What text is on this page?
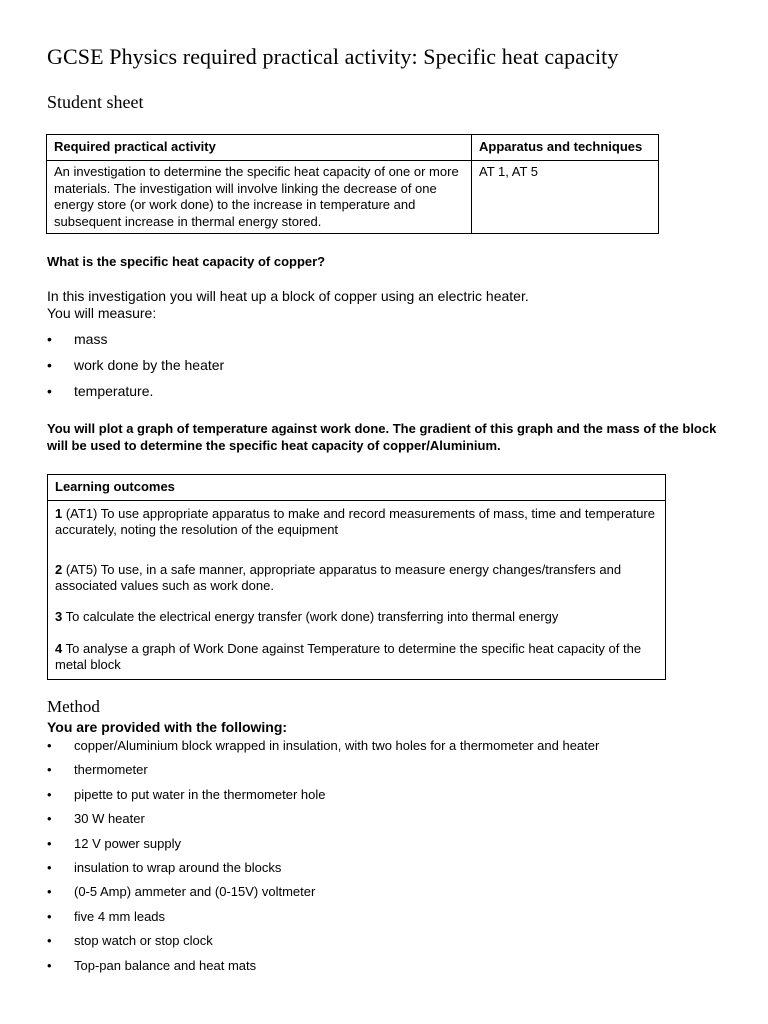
GCSE Physics required practical activity: Specific heat capacity
Student sheet
Required practical activity	Apparatus and techniques
An investigation to determine the specific heat capacity of one or more materials. The investigation will involve linking the decrease of one energy store (or work done) to the increase in temperature and subsequent increase in thermal energy stored.	AT 1, AT 5

What is the specific heat capacity of copper?

In this investigation you will heat up a block of copper using an electric heater.
You will measure:
• mass
• work done by the heater
• temperature.

You will plot a graph of temperature against work done. The gradient of this graph and the mass of the block will be used to determine the specific heat capacity of copper/Aluminium.

Learning outcomes

1 (AT1) To use appropriate apparatus to make and record measurements of mass, time and temperature accurately, noting the resolution of the equipment

2 (AT5) To use, in a safe manner, appropriate apparatus to measure energy changes/transfers and associated values such as work done.

3 To calculate the electrical energy transfer (work done) transferring into thermal energy

4 To analyse a graph of Work Done against Temperature to determine the specific heat capacity of the metal block

Method

You are provided with the following:

• copper/Aluminium block wrapped in insulation, with two holes for a thermometer and heater
• thermometer
• pipette to put water in the thermometer hole
• 30 W heater
• 12 V power supply
• insulation to wrap around the blocks
• (0-5 Amp) ammeter and (0-15V) voltmeter
• five 4 mm leads
• stop watch or stop clock
• Top-pan balance and heat mats
